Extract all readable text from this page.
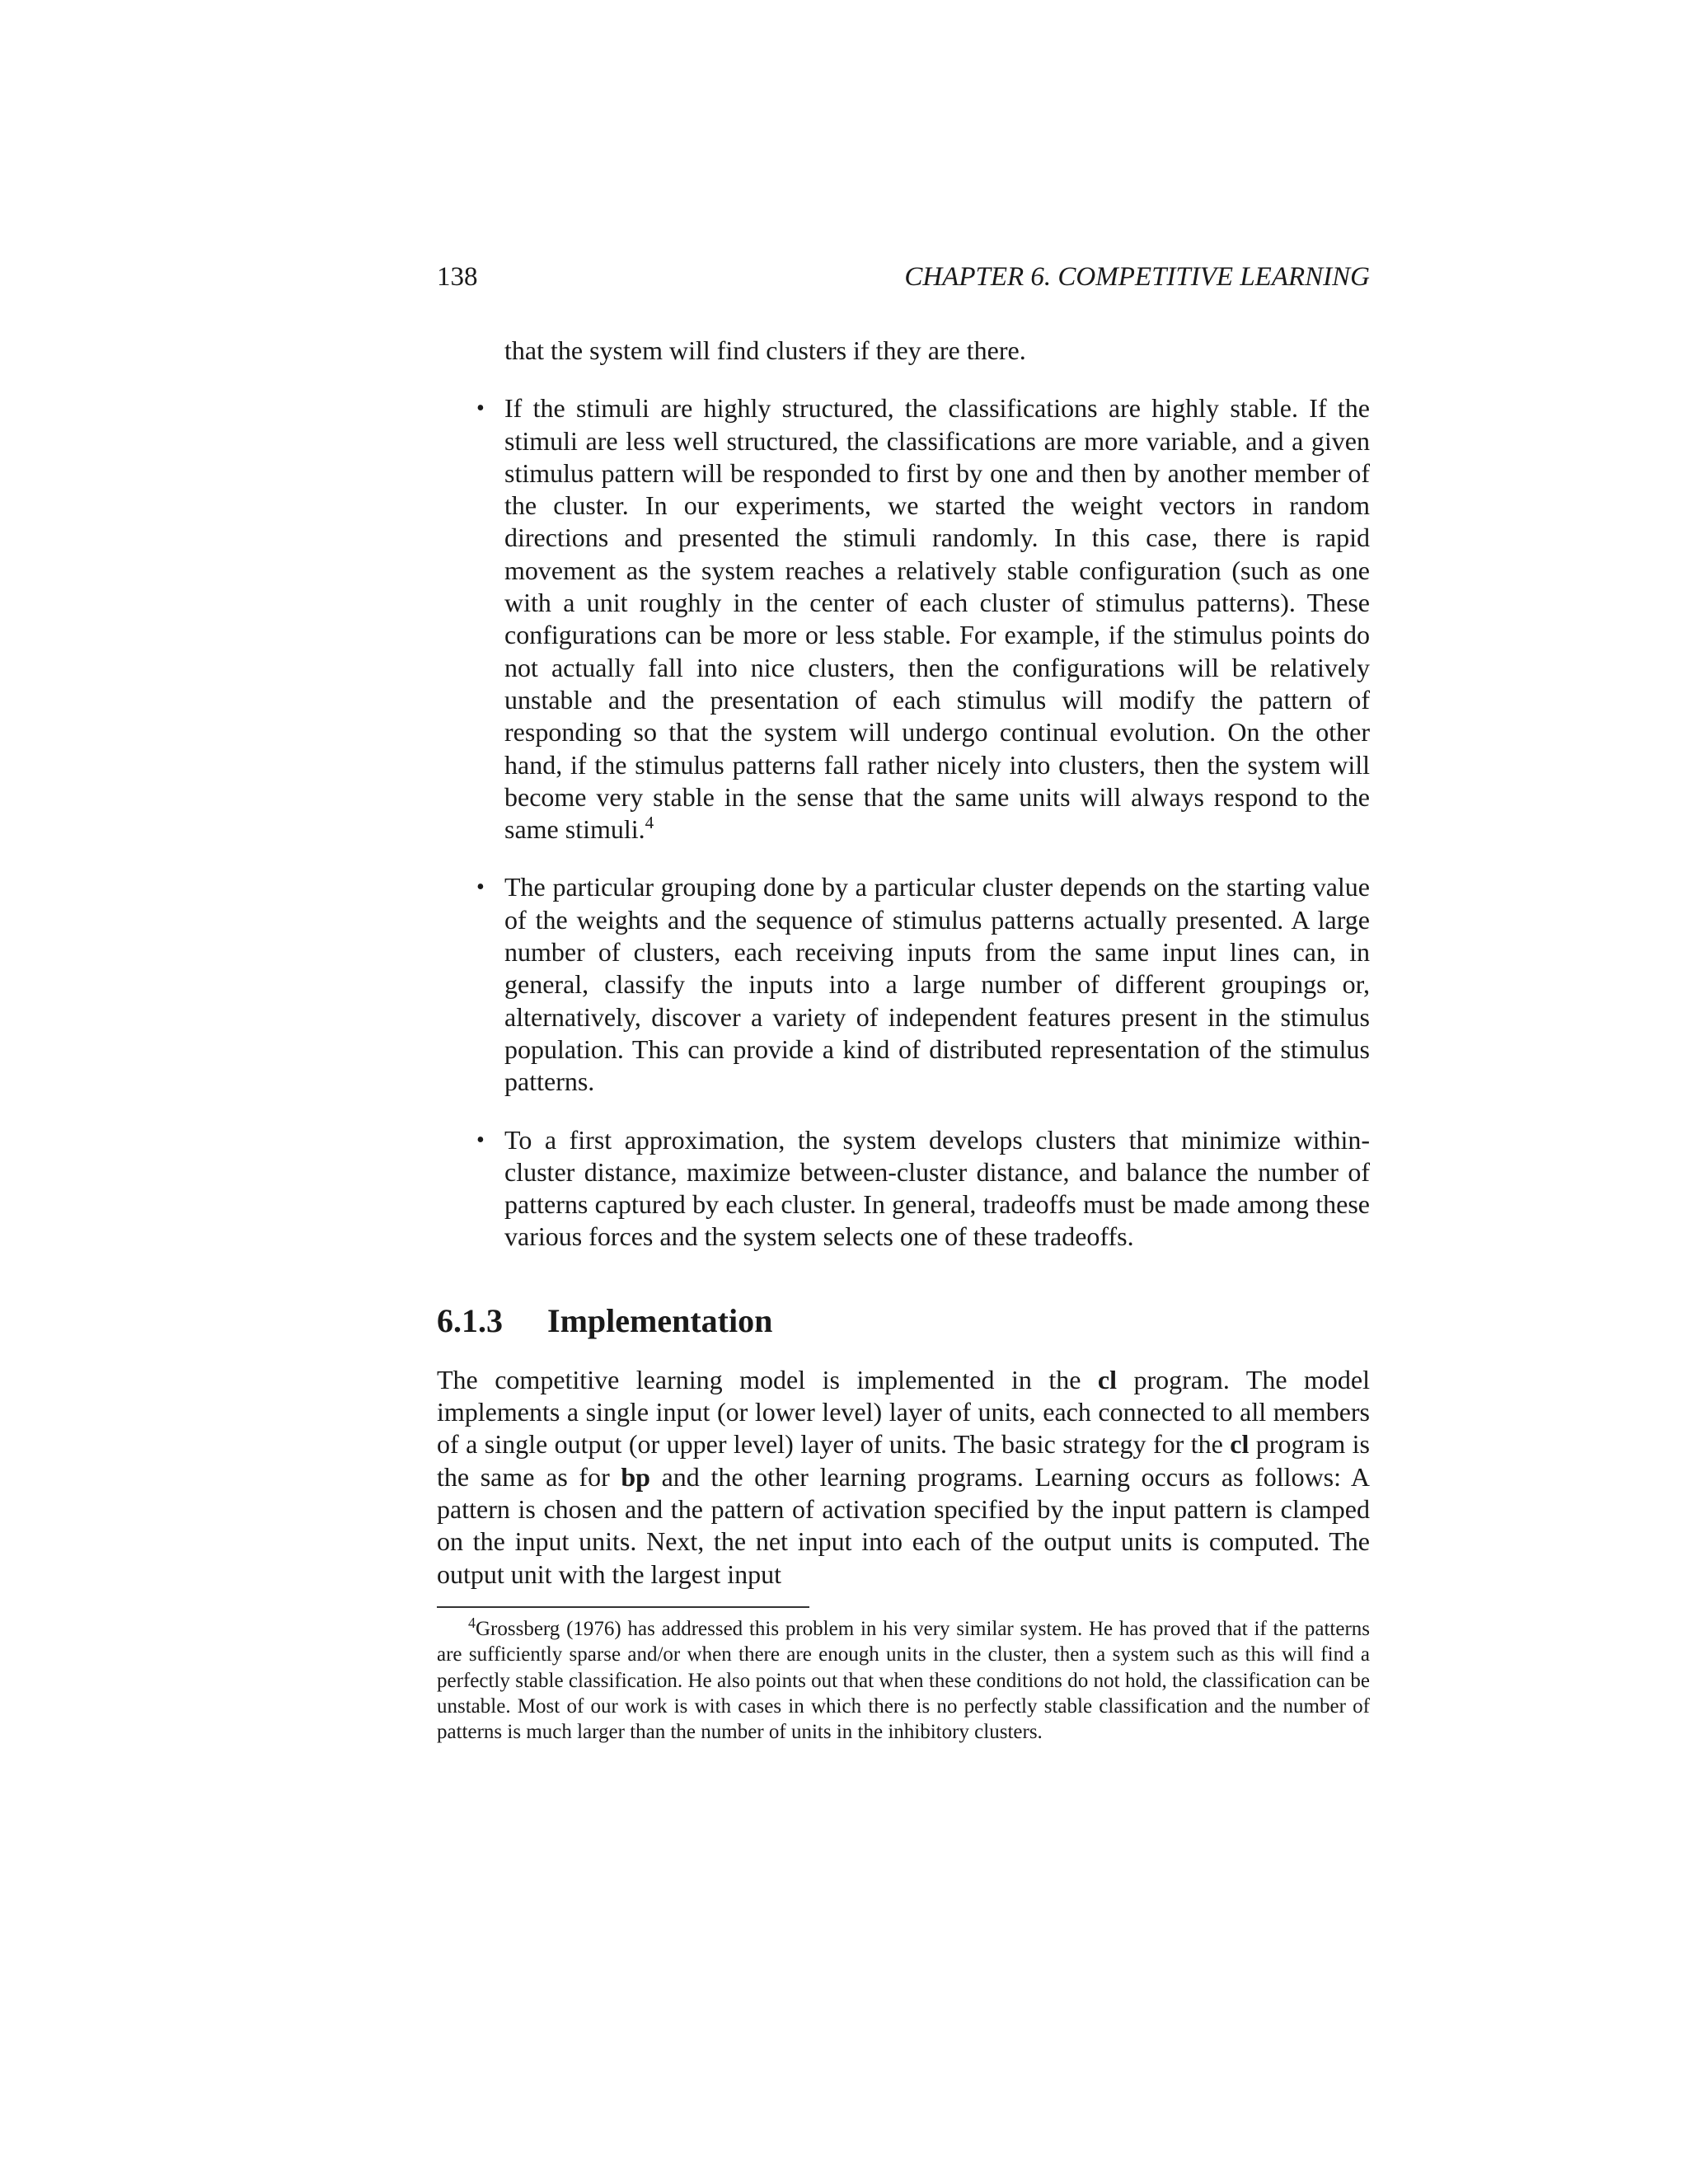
138	CHAPTER 6. COMPETITIVE LEARNING
that the system will find clusters if they are there.
• If the stimuli are highly structured, the classifications are highly stable. If the stimuli are less well structured, the classifications are more variable, and a given stimulus pattern will be responded to first by one and then by another member of the cluster. In our experiments, we started the weight vectors in random directions and presented the stimuli randomly. In this case, there is rapid movement as the system reaches a relatively stable configuration (such as one with a unit roughly in the center of each cluster of stimulus patterns). These configurations can be more or less stable. For example, if the stimulus points do not actually fall into nice clusters, then the configurations will be relatively unstable and the presentation of each stimulus will modify the pattern of responding so that the system will undergo continual evolution. On the other hand, if the stimulus patterns fall rather nicely into clusters, then the system will become very stable in the sense that the same units will always respond to the same stimuli.$^4$
• The particular grouping done by a particular cluster depends on the starting value of the weights and the sequence of stimulus patterns actually presented. A large number of clusters, each receiving inputs from the same input lines can, in general, classify the inputs into a large number of different groupings or, alternatively, discover a variety of independent features present in the stimulus population. This can provide a kind of distributed representation of the stimulus patterns.
• To a first approximation, the system develops clusters that minimize within-cluster distance, maximize between-cluster distance, and balance the number of patterns captured by each cluster. In general, tradeoffs must be made among these various forces and the system selects one of these tradeoffs.
6.1.3 Implementation

The competitive learning model is implemented in the cl program. The model implements a single input (or lower level) layer of units, each connected to all members of a single output (or upper level) layer of units. The basic strategy for the cl program is the same as for bp and the other learning programs. Learning occurs as follows: A pattern is chosen and the pattern of activation specified by the input pattern is clamped on the input units. Next, the net input into each of the output units is computed. The output unit with the largest input

$^4$Grossberg (1976) has addressed this problem in his very similar system. He has proved that if the patterns are sufficiently sparse and/or when there are enough units in the cluster, then a system such as this will find a perfectly stable classification. He also points out that when these conditions do not hold, the classification can be unstable. Most of our work is with cases in which there is no perfectly stable classification and the number of patterns is much larger than the number of units in the inhibitory clusters.
